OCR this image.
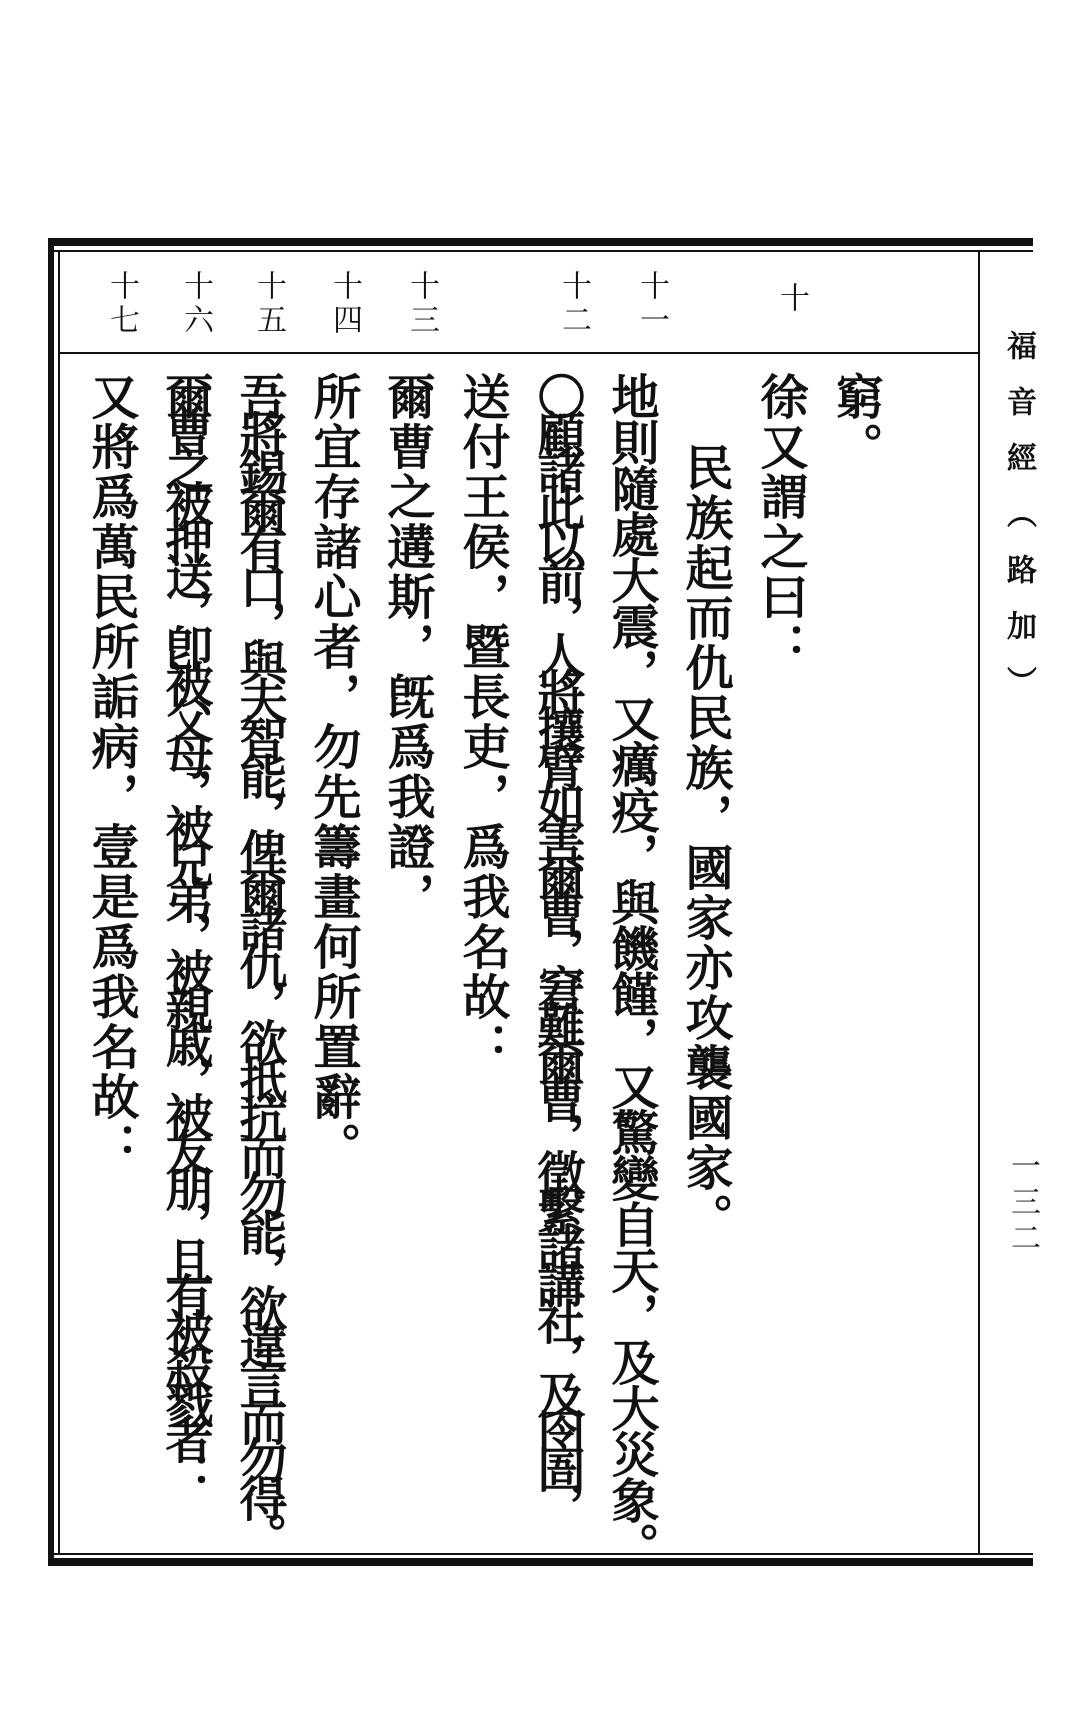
福音經（路加）
一三二
十
十一
十二
十三
十四
十五
十六
十七
窮。
徐又謂之曰：
民族起而仇民族，國家亦攻襲國家。
地則隨處大震，又癘疫，與饑饉，又驚變自天，及大災象。
〇顧諸此以前，人將攘臂如害爾曹，窘難爾曹，徵繫諸講社，及囹圄，
送付王侯，暨長吏，爲我名故：
爾曹之遘斯，旣爲我證，
所宜存諸心者，勿先籌畫何所置辭。
吾將錫爾有口，與夫智能，俾爾諸仇，欲抵抗而勿能，欲違言而勿得。
爾曹之被押送，卽被父母，被兄弟，被親戚，被友朋，且有被殺戮者：
又將爲萬民所詬病，壹是爲我名故：
